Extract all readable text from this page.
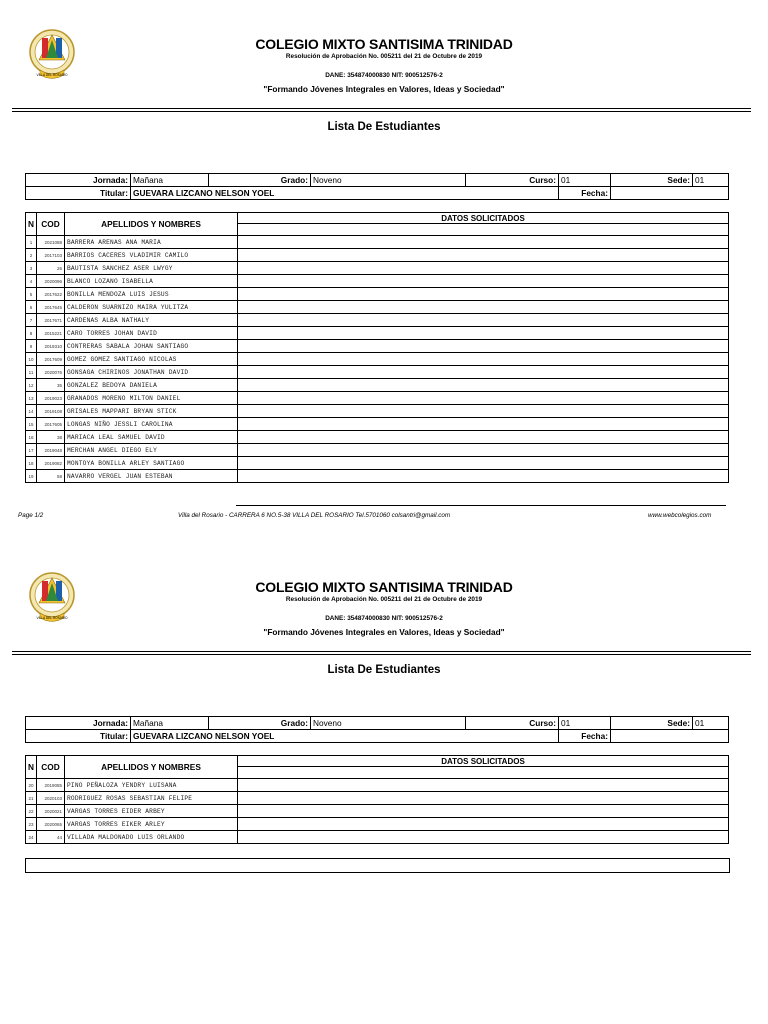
VILLA DEL ROSARIO
COLEGIO MIXTO SANTISIMA TRINIDAD
Resolución de Aprobación No. 005211 del 21 de Octubre de 2019
DANE: 354874000830 NIT: 900512576-2
"Formando Jóvenes Integrales en Valores, Ideas y Sociedad"
Lista De Estudiantes
Jornada:	Mañana	Grado:	Noveno	Curso:	01	Sede:	01
Titular:	GUEVARA LIZCANO NELSON YOEL				Fecha:		
N	COD	APELLIDOS Y NOMBRES	DATOS SOLICITADOS

1	2021088	BARRERA ARENAS ANA MARIA	
2	2017103	BARRIOS CACERES VLADIMIR CAMILO	
3	26	BAUTISTA SANCHEZ ASER LWYGY	
4	2020096	BLANCO LOZANO ISABELLA	
5	2017622	BONILLA MENDOZA LUIS JESUS	
6	2017645	CALDERON SUARNIZO MAIRA YULITZA	
7	2017671	CARDENAS ALBA NATHALY	
8	2015221	CARO TORRES JOHAN DAVID	
9	2019310	CONTRERAS SABALA JOHAN SANTIAGO	
10	2017609	GOMEZ GOMEZ SANTIAGO NICOLAS	
11	2020076	GONSAGA CHIRINOS JONATHAN DAVID	
12	35	GONZALEZ BEDOYA DANIELA	
13	2019023	GRANADOS MORENO MILTON DANIEL	
14	2019108	GRISALES MAPPARI BRYAN STICK	
15	2017605	LONGAS NIÑO JESSLI CAROLINA	
16	38	MARIACA LEAL SAMUEL DAVID	
17	2019048	MERCHAN ANGEL DIEGO ELY	
18	2019082	MONTOYA BONILLA ARLEY SANTIAGO	
19	58	NAVARRO VERGEL JUAN ESTEBAN	
Page 1/2	Villa del Rosario - CARRERA 6 NO.5-38 VILLA DEL ROSARIO Tel.5701060 colsantri@gmail.com	www.webcolegios.com
VILLA DEL ROSARIO
COLEGIO MIXTO SANTISIMA TRINIDAD
Resolución de Aprobación No. 005211 del 21 de Octubre de 2019
DANE: 354874000830 NIT: 900512576-2
"Formando Jóvenes Integrales en Valores, Ideas y Sociedad"
Lista De Estudiantes
Jornada:	Mañana	Grado:	Noveno	Curso:	01	Sede:	01
Titular:	GUEVARA LIZCANO NELSON YOEL				Fecha:		
N	COD	APELLIDOS Y NOMBRES	DATOS SOLICITADOS

20	2019085	PINO PEÑALOZA YENDRY LUISANA	
21	2020103	RODRIGUEZ ROSAS SEBASTIAN FELIPE	
22	2020021	VARGAS TORRES EIDER ARBEY	
23	2020065	VARGAS TORRES EIKER ARLEY	
24	44	VILLADA MALDONADO LUIS ORLANDO	
